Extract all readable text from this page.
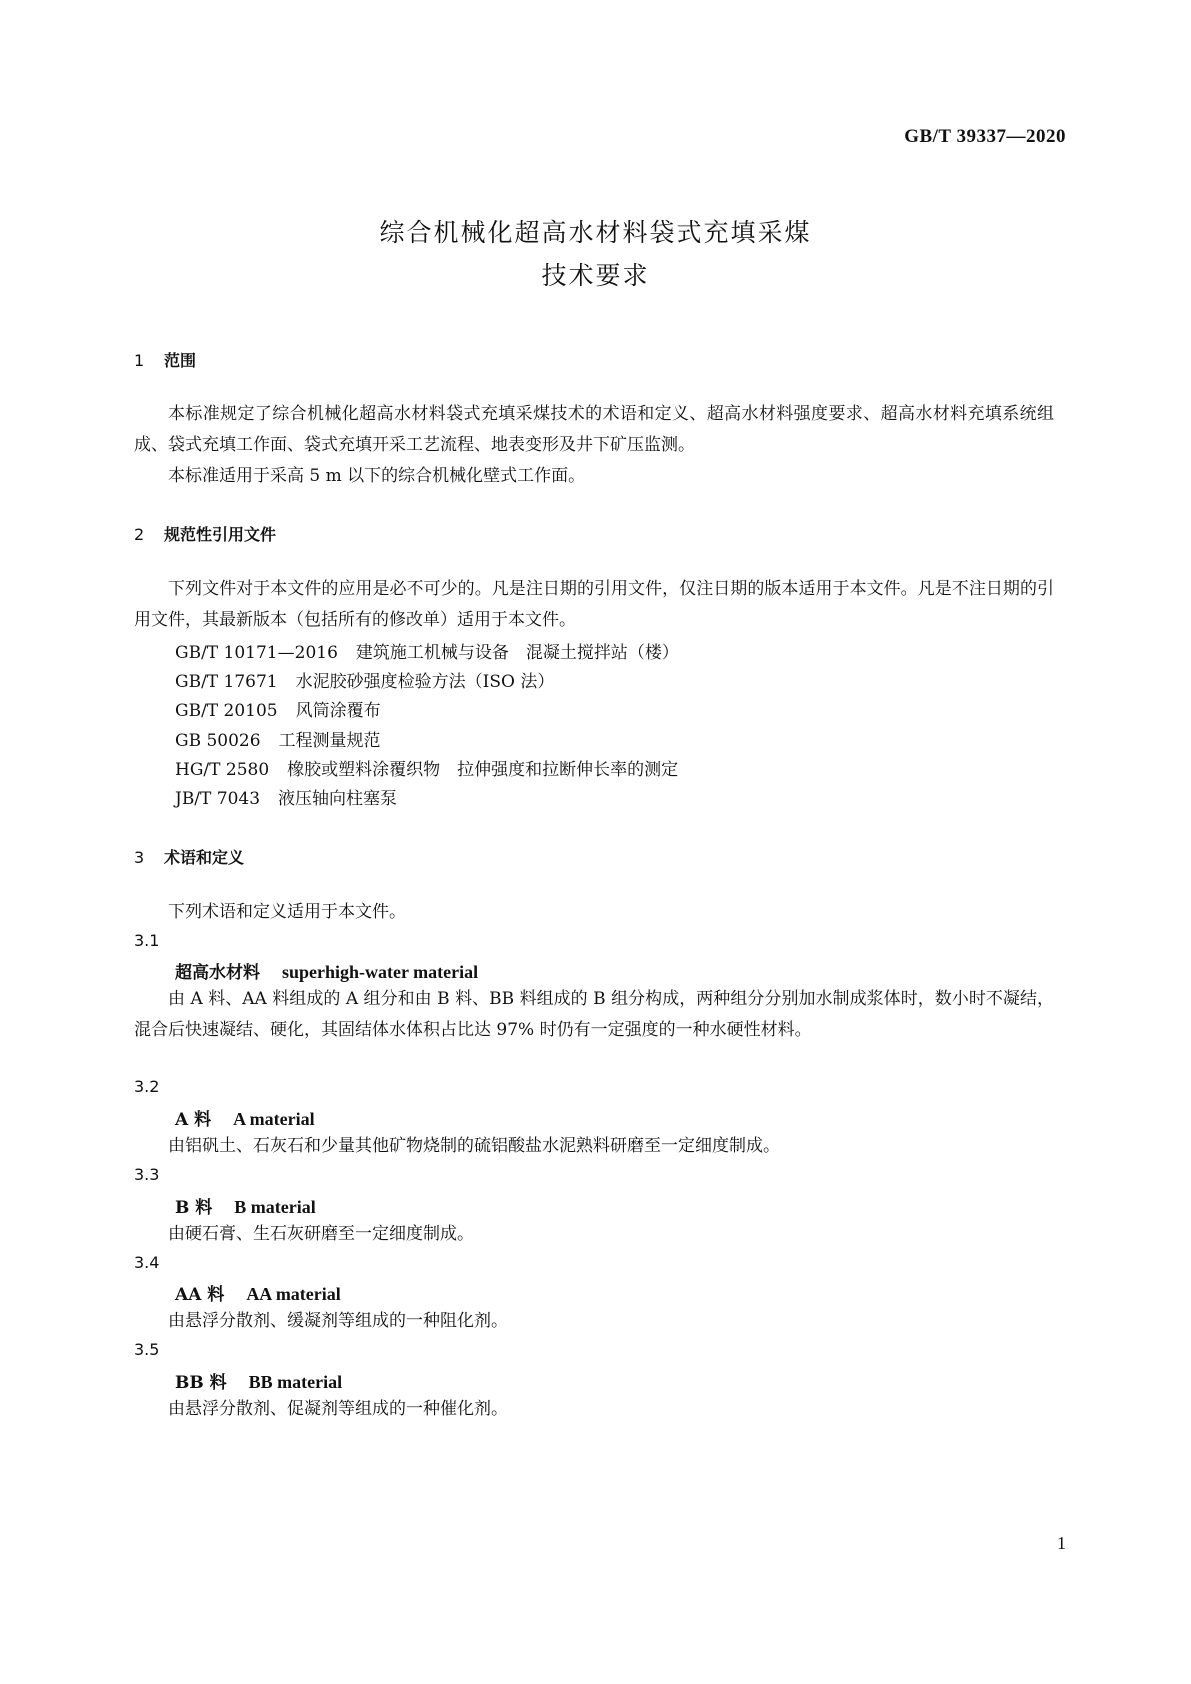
GB/T 39337—2020
综合机械化超高水材料袋式充填采煤
技术要求
1 范围
本标准规定了综合机械化超高水材料袋式充填采煤技术的术语和定义、超高水材料强度要求、超高水材料充填系统组成、袋式充填工作面、袋式充填开采工艺流程、地表变形及井下矿压监测。
本标准适用于采高 5 m 以下的综合机械化壁式工作面。
2 规范性引用文件
下列文件对于本文件的应用是必不可少的。凡是注日期的引用文件，仅注日期的版本适用于本文件。凡是不注日期的引用文件，其最新版本（包括所有的修改单）适用于本文件。
GB/T 10171—2016 建筑施工机械与设备　混凝土搅拌站（楼）
GB/T 17671 水泥胶砂强度检验方法（ISO 法）
GB/T 20105 风筒涂覆布
GB 50026 工程测量规范
HG/T 2580 橡胶或塑料涂覆织物　拉伸强度和拉断伸长率的测定
JB/T 7043 液压轴向柱塞泵
3 术语和定义
下列术语和定义适用于本文件。
3.1
超高水材料 superhigh-water material
由 A 料、AA 料组成的 A 组分和由 B 料、BB 料组成的 B 组分构成，两种组分分别加水制成浆体时，数小时不凝结，混合后快速凝结、硬化，其固结体水体积占比达 97% 时仍有一定强度的一种水硬性材料。
3.2
A 料 A material
由铝矾土、石灰石和少量其他矿物烧制的硫铝酸盐水泥熟料研磨至一定细度制成。
3.3
B 料 B material
由硬石膏、生石灰研磨至一定细度制成。
3.4
AA 料 AA material
由悬浮分散剂、缓凝剂等组成的一种阻化剂。
3.5
BB 料 BB material
由悬浮分散剂、促凝剂等组成的一种催化剂。
1
